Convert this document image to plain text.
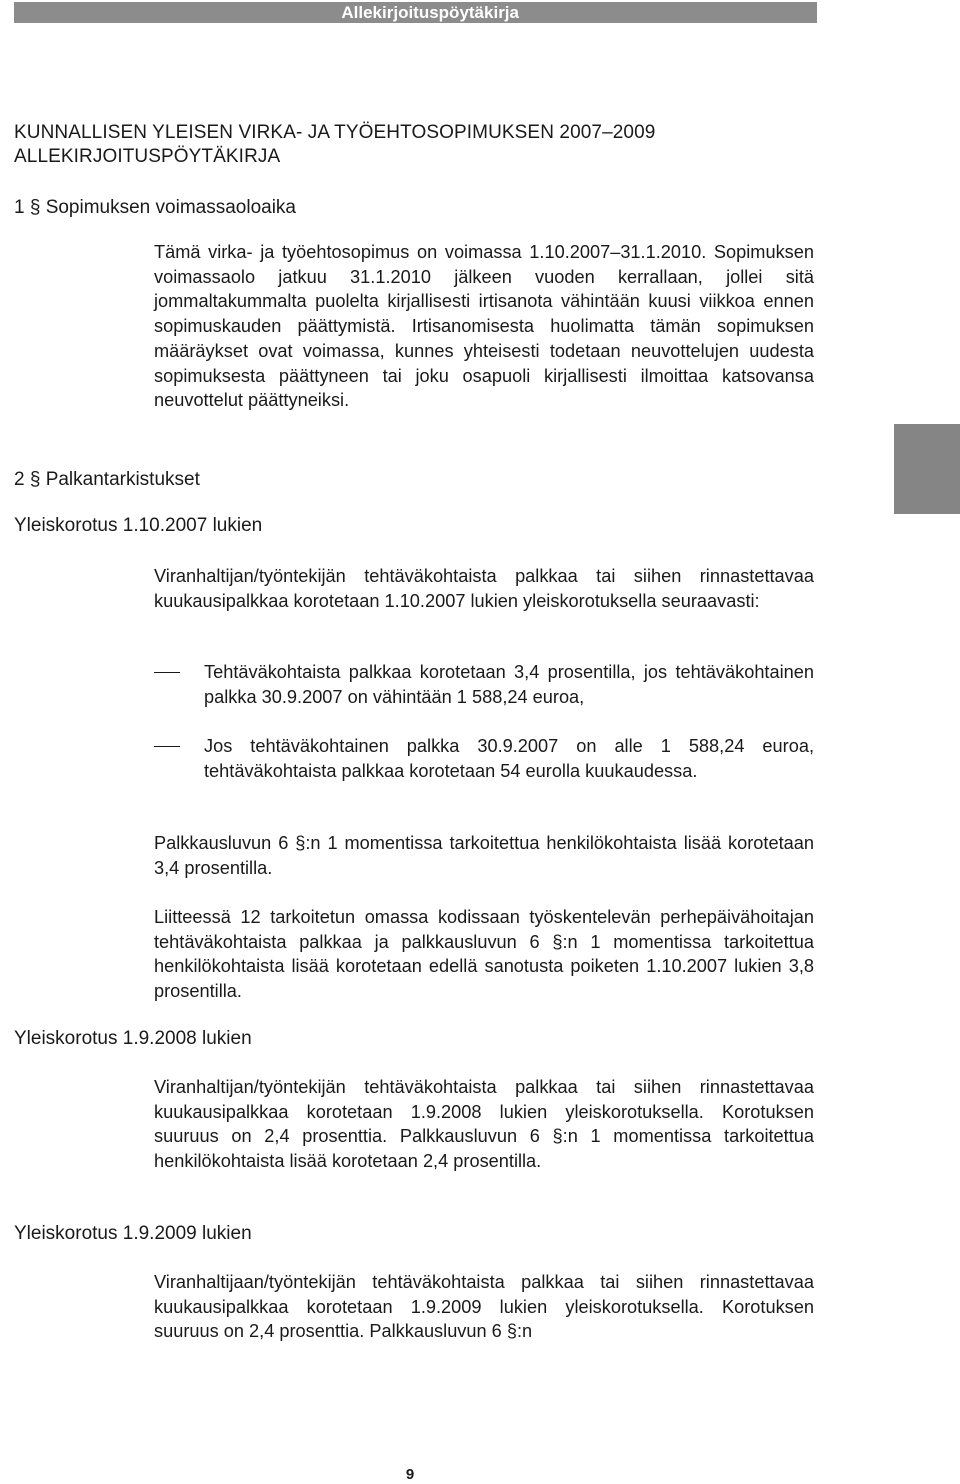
Allekirjoituspöytäkirja
KUNNALLISEN YLEISEN VIRKA- JA TYÖEHTOSOPIMUKSEN 2007–2009
ALLEKIRJOITUSPÖYTÄKIRJA
1 § Sopimuksen voimassaoloaika

Tämä virka- ja työehtosopimus on voimassa 1.10.2007–31.1.2010. Sopimuksen voimassaolo jatkuu 31.1.2010 jälkeen vuoden kerrallaan, jollei sitä jommaltakummalta puolelta kirjallisesti irtisanota vähintään kuusi viikkoa ennen sopimuskauden päättymistä. Irtisanomisesta huolimatta tämän sopimuksen määräykset ovat voimassa, kunnes yhteisesti todetaan neuvottelujen uudesta sopimuksesta päättyneen tai joku osapuoli kirjallisesti ilmoittaa katsovansa neuvottelut päättyneiksi.

2 § Palkantarkistukset
Yleiskorotus 1.10.2007 lukien

Viranhaltijan/työntekijän tehtäväkohtaista palkkaa tai siihen rinnastettavaa kuukausipalkkaa korotetaan 1.10.2007 lukien yleiskorotuksella seuraavasti:

Tehtäväkohtaista palkkaa korotetaan 3,4 prosentilla, jos tehtäväkohtainen palkka 30.9.2007 on vähintään 1 588,24 euroa,
Jos tehtäväkohtainen palkka 30.9.2007 on alle 1 588,24 euroa, tehtäväkohtaista palkkaa korotetaan 54 eurolla kuukaudessa.

Palkkausluvun 6 §:n 1 momentissa tarkoitettua henkilökohtaista lisää korotetaan 3,4 prosentilla.

Liitteessä 12 tarkoitetun omassa kodissaan työskentelevän perhepäivähoitajan tehtäväkohtaista palkkaa ja palkkausluvun 6 §:n 1 momentissa tarkoitettua henkilökohtaista lisää korotetaan edellä sanotusta poiketen 1.10.2007 lukien 3,8 prosentilla.

Yleiskorotus 1.9.2008 lukien

Viranhaltijan/työntekijän tehtäväkohtaista palkkaa tai siihen rinnastettavaa kuukausipalkkaa korotetaan 1.9.2008 lukien yleiskorotuksella. Korotuksen suuruus on 2,4 prosenttia. Palkkausluvun 6 §:n 1 momentissa tarkoitettua henkilökohtaista lisää korotetaan 2,4 prosentilla.

Yleiskorotus 1.9.2009 lukien

Viranhaltijaan/työntekijän tehtäväkohtaista palkkaa tai siihen rinnastettavaa kuukausipalkkaa korotetaan 1.9.2009 lukien yleiskorotuksella. Korotuksen suuruus on 2,4 prosenttia. Palkkausluvun 6 §:n

9
